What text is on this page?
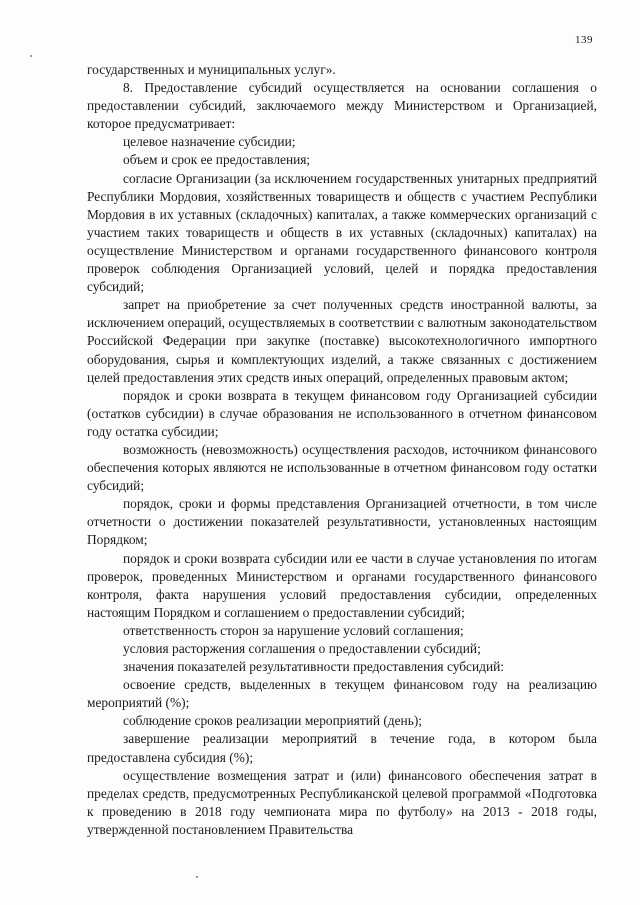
139

государственных и муниципальных услуг».

8. Предоставление субсидий осуществляется на основании соглашения о предоставлении субсидий, заключаемого между Министерством и Организацией, которое предусматривает:

целевое назначение субсидии;

объем и срок ее предоставления;

согласие Организации (за исключением государственных унитарных предприятий Республики Мордовия, хозяйственных товариществ и обществ с участием Республики Мордовия в их уставных (складочных) капиталах, а также коммерческих организаций с участием таких товариществ и обществ в их уставных (складочных) капиталах) на осуществление Министерством и органами государственного финансового контроля проверок соблюдения Организацией условий, целей и порядка предоставления субсидий;

запрет на приобретение за счет полученных средств иностранной валюты, за исключением операций, осуществляемых в соответствии с валютным законодательством Российской Федерации при закупке (поставке) высокотехнологичного импортного оборудования, сырья и комплектующих изделий, а также связанных с достижением целей предоставления этих средств иных операций, определенных правовым актом;

порядок и сроки возврата в текущем финансовом году Организацией субсидии (остатков субсидии) в случае образования не использованного в отчетном финансовом году остатка субсидии;

возможность (невозможность) осуществления расходов, источником финансового обеспечения которых являются не использованные в отчетном финансовом году остатки субсидий;

порядок, сроки и формы представления Организацией отчетности, в том числе отчетности о достижении показателей результативности, установленных настоящим Порядком;

порядок и сроки возврата субсидии или ее части в случае установления по итогам проверок, проведенных Министерством и органами государственного финансового контроля, факта нарушения условий предоставления субсидии, определенных настоящим Порядком и соглашением о предоставлении субсидий;

ответственность сторон за нарушение условий соглашения;

условия расторжения соглашения о предоставлении субсидий;

значения показателей результативности предоставления субсидий:

освоение средств, выделенных в текущем финансовом году на реализацию мероприятий (%);

соблюдение сроков реализации мероприятий (день);

завершение реализации мероприятий в течение года, в котором была предоставлена субсидия (%);

осуществление возмещения затрат и (или) финансового обеспечения затрат в пределах средств, предусмотренных Республиканской целевой программой «Подготовка к проведению в 2018 году чемпионата мира по футболу» на 2013 - 2018 годы, утвержденной постановлением Правительства
